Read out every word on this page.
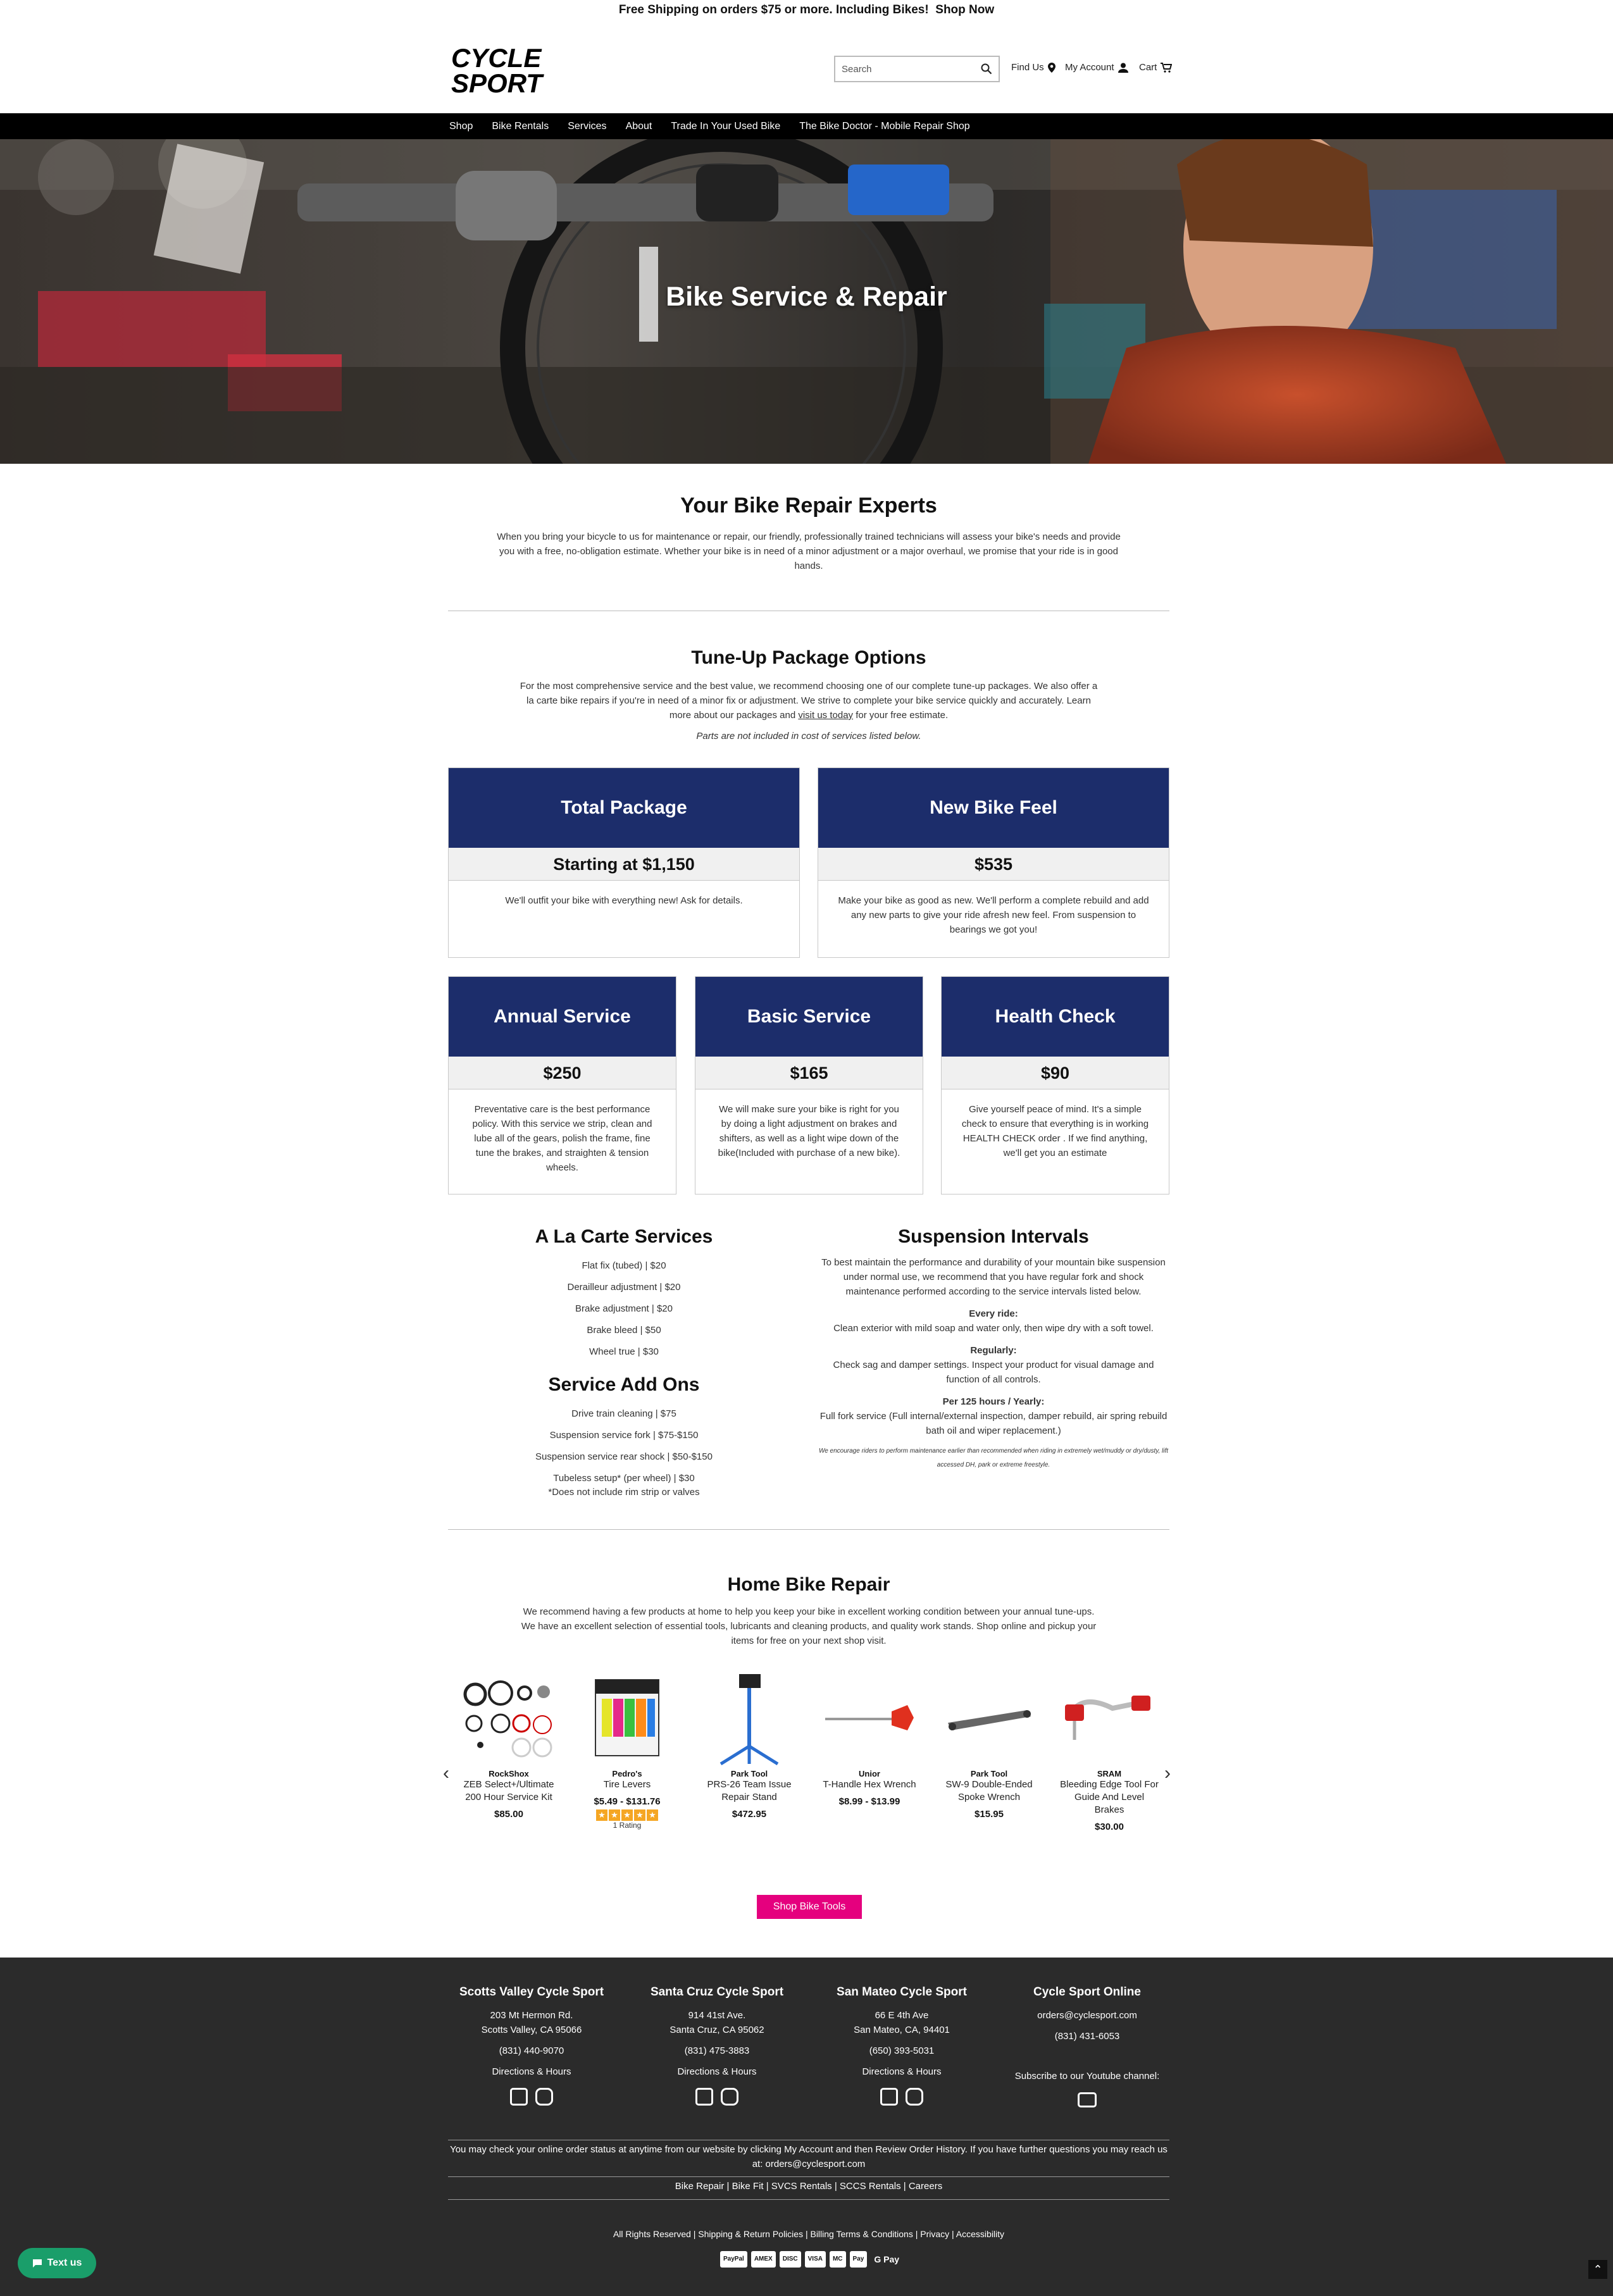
Free Shipping on orders $75 or more. Including Bikes! Shop Now
CYCLE
SPORT	Search	Find Us My Account	Cart
Shop Bike Rentals Services About Trade In Your Used Bike The Bike Doctor - Mobile Repair Shop
Bike Service & Repair
Your Bike Repair Experts

When you bring your bicycle to us for maintenance or repair, our friendly, professionally trained technicians will assess your bike's needs and provide you with a free, no-obligation estimate. Whether your bike is in need of a minor adjustment or a major overhaul, we promise that your ride is in good hands.

Tune-Up Package Options

For the most comprehensive service and the best value, we recommend choosing one of our complete tune-up packages. We also offer a la carte bike repairs if you're in need of a minor fix or adjustment. We strive to complete your bike service quickly and accurately. Learn more about our packages and visit us today for your free estimate.

Parts are not included in cost of services listed below.

Total Package
Starting at $1,150
We'll outfit your bike with everything new! Ask for details.
New Bike Feel
$535
Make your bike as good as new. We'll perform a complete rebuild and add any new parts to give your ride afresh new feel. From suspension to bearings we got you!
Annual Service
$250
Preventative care is the best performance policy. With this service we strip, clean and lube all of the gears, polish the frame, fine tune the brakes, and straighten & tension wheels.
Basic Service
$165
We will make sure your bike is right for you by doing a light adjustment on brakes and shifters, as well as a light wipe down of the bike(Included with purchase of a new bike).
Health Check
$90
Give yourself peace of mind. It's a simple check to ensure that everything is in working HEALTH CHECK order . If we find anything, we'll get you an estimate
A La Carte Services
Flat fix (tubed) | $20
Derailleur adjustment | $20
Brake adjustment | $20
Brake bleed | $50
Wheel true | $30
Service Add Ons
Drive train cleaning | $75
Suspension service fork | $75-$150
Suspension service rear shock | $50-$150
Tubeless setup* (per wheel) | $30
*Does not include rim strip or valves
Suspension Intervals

To best maintain the performance and durability of your mountain bike suspension under normal use, we recommend that you have regular fork and shock maintenance performed according to the service intervals listed below.

Every ride:

Clean exterior with mild soap and water only, then wipe dry with a soft towel.

Regularly:

Check sag and damper settings. Inspect your product for visual damage and function of all controls.

Per 125 hours / Yearly:

Full fork service (Full internal/external inspection, damper rebuild, air spring rebuild bath oil and wiper replacement.)

We encourage riders to perform maintenance earlier than recommended when riding in extremely wet/muddy or dry/dusty, lift accessed DH, park or extreme freestyle.

Home Bike Repair

We recommend having a few products at home to help you keep your bike in excellent working condition between your annual tune-ups. We have an excellent selection of essential tools, lubricants and cleaning products, and quality work stands. Shop online and pickup your items for free on your next shop visit.

‹	›
RockShox
ZEB Select+/Ultimate 200 Hour Service Kit
$85.00
Pedro's
Tire Levers
$5.49 - $131.76
★ ★ ★ ★ ★
1 Rating
Park Tool
PRS-26 Team Issue Repair Stand
$472.95
Unior
T-Handle Hex Wrench
$8.99 - $13.99
Park Tool
SW-9 Double-Ended Spoke Wrench
$15.95
SRAM
Bleeding Edge Tool For Guide And Level Brakes
$30.00
Shop Bike Tools
Scotts Valley Cycle Sport
203 Mt Hermon Rd.
Scotts Valley, CA 95066
(831) 440-9070
Directions & Hours
Santa Cruz Cycle Sport
914 41st Ave.
Santa Cruz, CA 95062
(831) 475-3883
Directions & Hours
San Mateo Cycle Sport
66 E 4th Ave
San Mateo, CA, 94401
(650) 393-5031
Directions & Hours
Cycle Sport Online
orders@cyclesport.com
(831) 431-6053
Subscribe to our Youtube channel:
You may check your online order status at anytime from our website by clicking My Account and then Review Order History. If you have further questions you may reach us at: orders@cyclesport.com
Bike Repair | Bike Fit | SVCS Rentals | SCCS Rentals | Careers
All Rights Reserved | Shipping & Return Policies | Billing Terms & Conditions | Privacy | Accessibility
PayPal	AMEX	DISC	VISA	MC	Pay	G Pay
Text us
⌃
